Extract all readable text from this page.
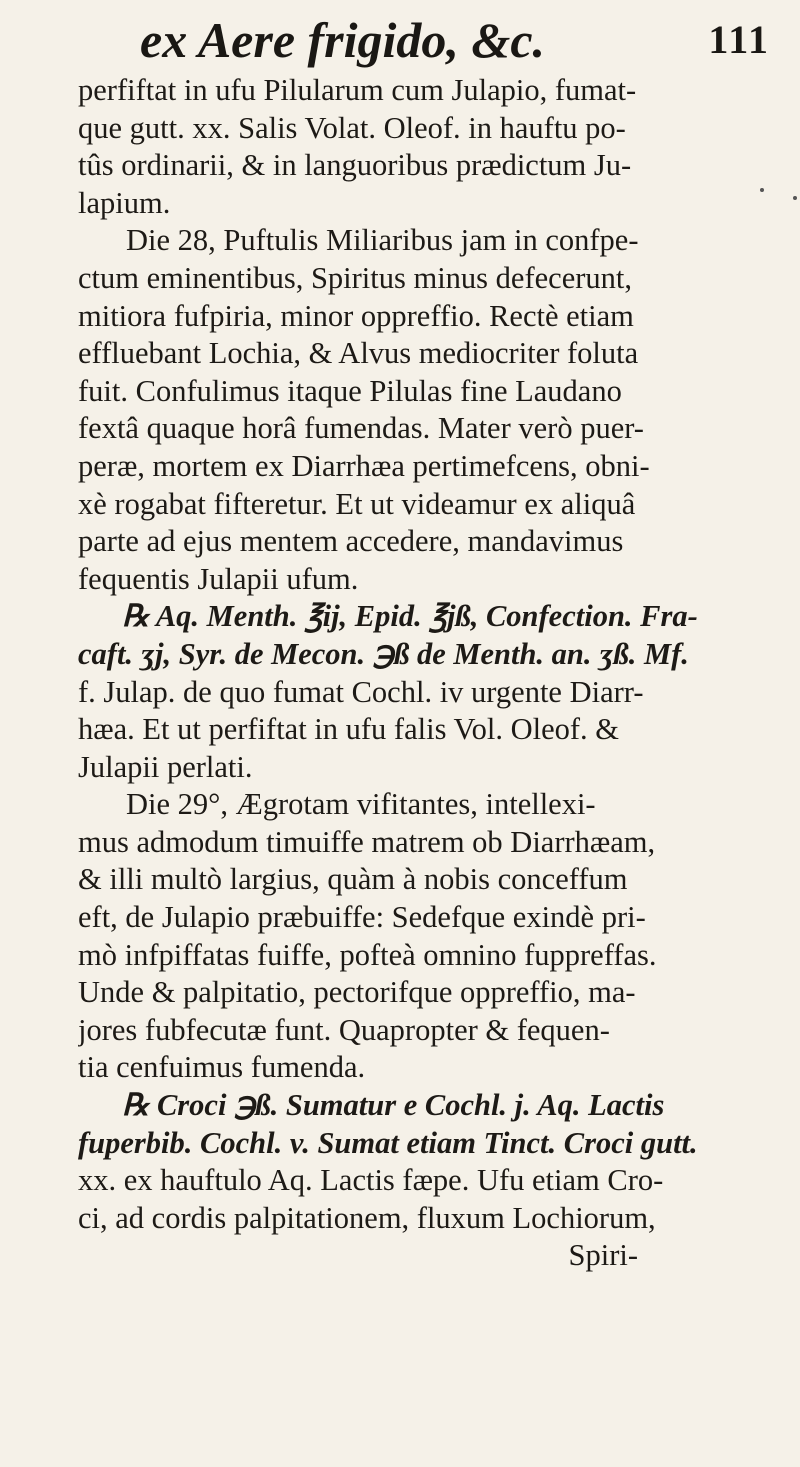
ex Aere frigido, &c.	111
perfiftat in ufu Pilularum cum Julapio, fumat-
que gutt. xx. Salis Volat. Oleof. in hauftu po-
tûs ordinarii, & in languoribus prædictum Ju-
lapium.
Die 28, Puftulis Miliaribus jam in confpe-
ctum eminentibus, Spiritus minus defecerunt,
mitiora fufpiria, minor oppreffio. Rectè etiam
effluebant Lochia, & Alvus mediocriter foluta
fuit. Confulimus itaque Pilulas fine Laudano
fextâ quaque horâ fumendas. Mater verò puer-
peræ, mortem ex Diarrhæa pertimefcens, obni-
xè rogabat fifteretur. Et ut videamur ex aliquâ
parte ad ejus mentem accedere, mandavimus
fequentis Julapii ufum.
℞ Aq. Menth. ℥ij, Epid. ℥jß, Confection. Fra-
caft. ʒj, Syr. de Mecon. ℈ß de Menth. an. ʒß. Mf.
f. Julap. de quo fumat Cochl. iv urgente Diarr-
hæa. Et ut perfiftat in ufu falis Vol. Oleof. &
Julapii perlati.
Die 29°, Ægrotam vifitantes, intellexi-
mus admodum timuiffe matrem ob Diarrhæam,
& illi multò largius, quàm à nobis conceffum
eft, de Julapio præbuiffe: Sedefque exindè pri-
mò infpiffatas fuiffe, pofteà omnino fuppreffas.
Unde & palpitatio, pectorifque oppreffio, ma-
jores fubfecutæ funt. Quapropter & fequen-
tia cenfuimus fumenda.
℞ Croci ℈ß. Sumatur e Cochl. j. Aq. Lactis
fuperbib. Cochl. v. Sumat etiam Tinct. Croci gutt.
xx. ex hauftulo Aq. Lactis fæpe. Ufu etiam Cro-
ci, ad cordis palpitationem, fluxum Lochiorum,
Spiri-
